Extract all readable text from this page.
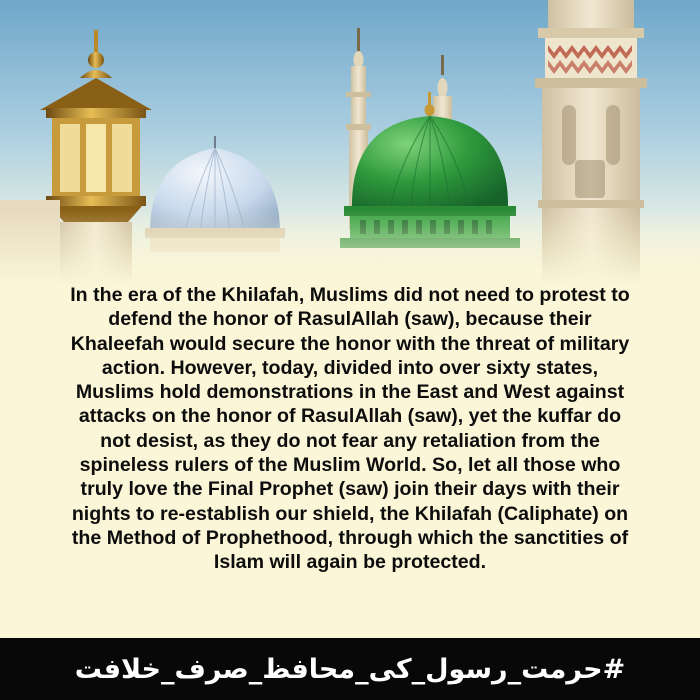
In the era of the Khilafah, Muslims did not need to protest to
defend the honor of RasulAllah (saw), because their
Khaleefah would secure the honor with the threat of military
action. However, today, divided into over sixty states,
Muslims hold demonstrations in the East and West against
attacks on the honor of RasulAllah (saw), yet the kuffar do
not desist, as they do not fear any retaliation from the
spineless rulers of the Muslim World. So, let all those who
truly love the Final Prophet (saw) join their days with their
nights to re-establish our shield, the Khilafah (Caliphate) on
the Method of Prophethood, through which the sanctities of
Islam will again be protected.

#حرمت_رسول_کی_محافظ_صرف_خلافت
